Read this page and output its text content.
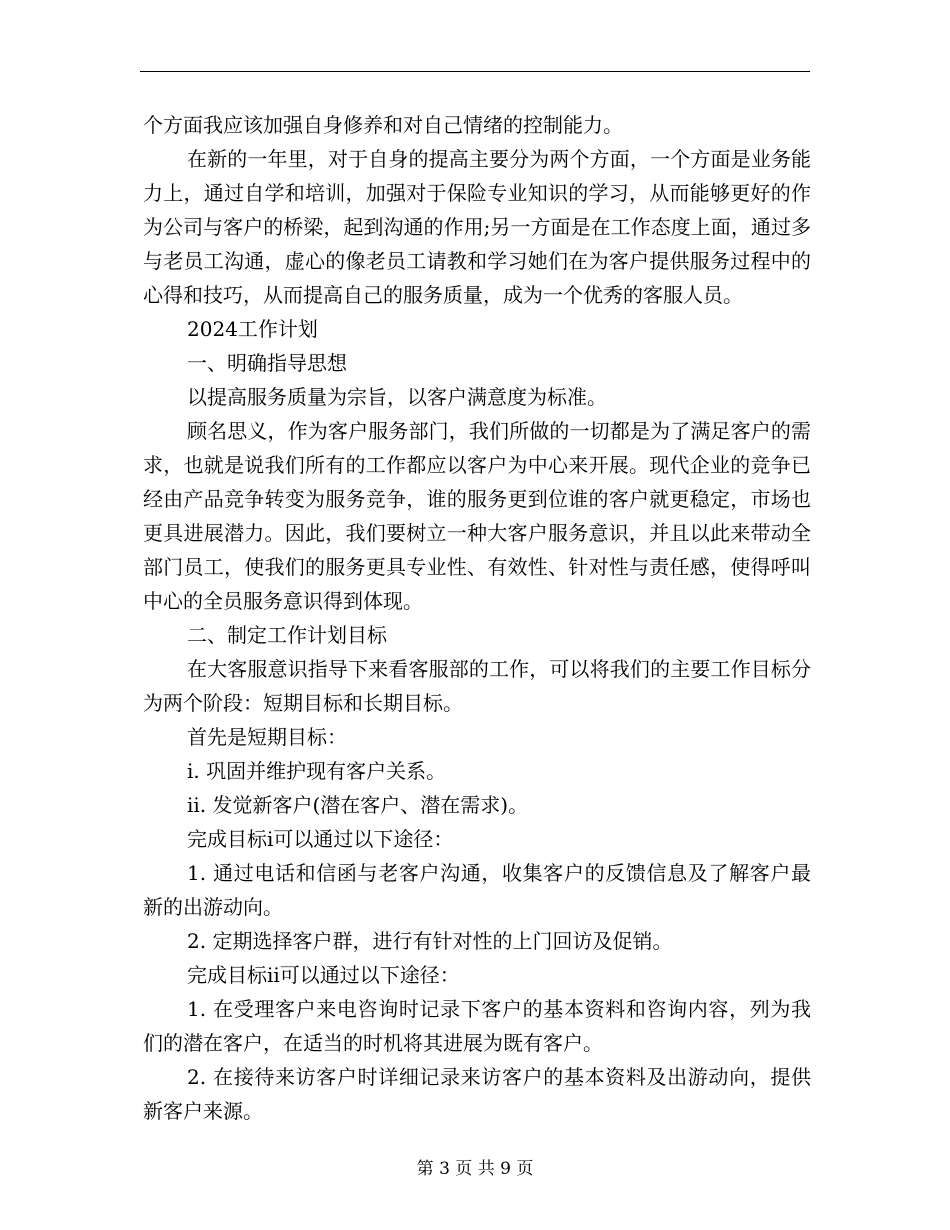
个方面我应该加强自身修养和对自己情绪的控制能力。

在新的一年里，对于自身的提高主要分为两个方面，一个方面是业务能力上，通过自学和培训，加强对于保险专业知识的学习，从而能够更好的作为公司与客户的桥梁，起到沟通的作用;另一方面是在工作态度上面，通过多与老员工沟通，虚心的像老员工请教和学习她们在为客户提供服务过程中的心得和技巧，从而提高自己的服务质量，成为一个优秀的客服人员。

2024工作计划

一、明确指导思想

以提高服务质量为宗旨，以客户满意度为标准。

顾名思义，作为客户服务部门，我们所做的一切都是为了满足客户的需求，也就是说我们所有的工作都应以客户为中心来开展。现代企业的竞争已经由产品竞争转变为服务竞争，谁的服务更到位谁的客户就更稳定，市场也更具进展潜力。因此，我们要树立一种大客户服务意识，并且以此来带动全部门员工，使我们的服务更具专业性、有效性、针对性与责任感，使得呼叫中心的全员服务意识得到体现。

二、制定工作计划目标

在大客服意识指导下来看客服部的工作，可以将我们的主要工作目标分为两个阶段：短期目标和长期目标。

首先是短期目标：

i. 巩固并维护现有客户关系。

ii. 发觉新客户(潜在客户、潜在需求)。

完成目标i可以通过以下途径：

1. 通过电话和信函与老客户沟通，收集客户的反馈信息及了解客户最新的出游动向。

2. 定期选择客户群，进行有针对性的上门回访及促销。

完成目标ii可以通过以下途径：

1. 在受理客户来电咨询时记录下客户的基本资料和咨询内容，列为我们的潜在客户，在适当的时机将其进展为既有客户。

2. 在接待来访客户时详细记录来访客户的基本资料及出游动向，提供新客户来源。

第 3 页 共 9 页
